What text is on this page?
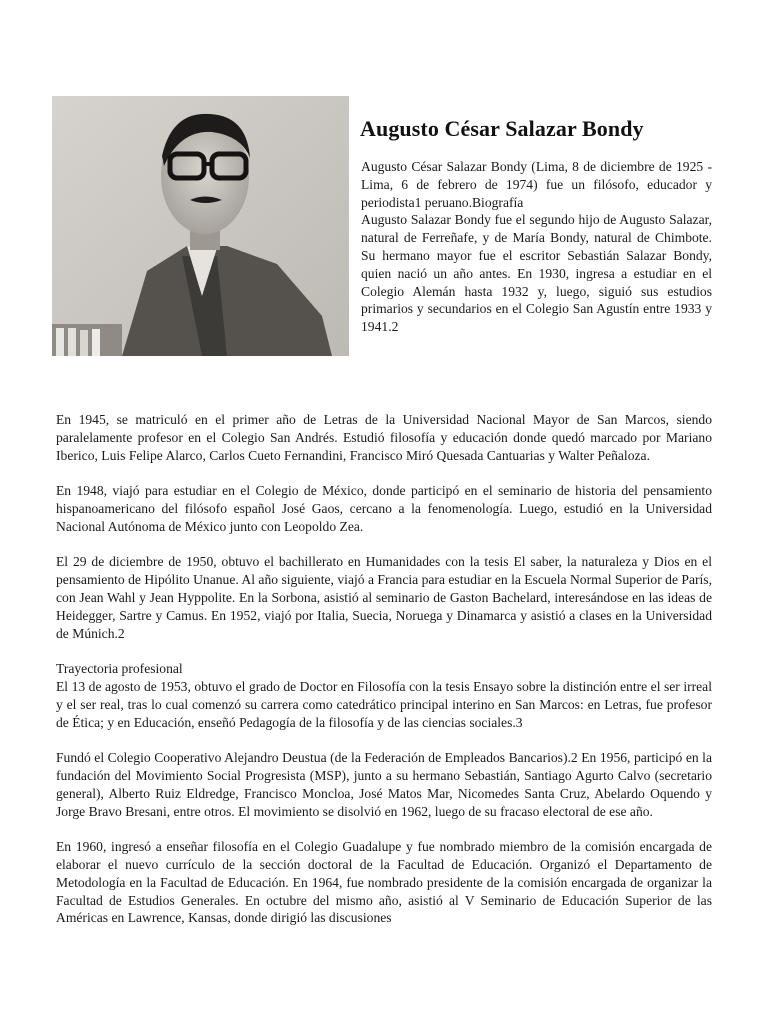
Augusto César Salazar Bondy

Augusto César Salazar Bondy (Lima, 8 de diciembre de 1925 - Lima, 6 de febrero de 1974) fue un filósofo, educador y periodista1 peruano.Biografía

Augusto Salazar Bondy fue el segundo hijo de Augusto Salazar, natural de Ferreñafe, y de María Bondy, natural de Chimbote. Su hermano mayor fue el escritor Sebastián Salazar Bondy, quien nació un año antes. En 1930, ingresa a estudiar en el Colegio Alemán hasta 1932 y, luego, siguió sus estudios primarios y secundarios en el Colegio San Agustín entre 1933 y 1941.2

En 1945, se matriculó en el primer año de Letras de la Universidad Nacional Mayor de San Marcos, siendo paralelamente profesor en el Colegio San Andrés. Estudió filosofía y educación donde quedó marcado por Mariano Iberico, Luis Felipe Alarco, Carlos Cueto Fernandini, Francisco Miró Quesada Cantuarias y Walter Peñaloza.

En 1948, viajó para estudiar en el Colegio de México, donde participó en el seminario de historia del pensamiento hispanoamericano del filósofo español José Gaos, cercano a la fenomenología. Luego, estudió en la Universidad Nacional Autónoma de México junto con Leopoldo Zea.

El 29 de diciembre de 1950, obtuvo el bachillerato en Humanidades con la tesis El saber, la naturaleza y Dios en el pensamiento de Hipólito Unanue. Al año siguiente, viajó a Francia para estudiar en la Escuela Normal Superior de París, con Jean Wahl y Jean Hyppolite. En la Sorbona, asistió al seminario de Gaston Bachelard, interesándose en las ideas de Heidegger, Sartre y Camus. En 1952, viajó por Italia, Suecia, Noruega y Dinamarca y asistió a clases en la Universidad de Múnich.2

Trayectoria profesional

El 13 de agosto de 1953, obtuvo el grado de Doctor en Filosofía con la tesis Ensayo sobre la distinción entre el ser irreal y el ser real, tras lo cual comenzó su carrera como catedrático principal interino en San Marcos: en Letras, fue profesor de Ética; y en Educación, enseñó Pedagogía de la filosofía y de las ciencias sociales.3

Fundó el Colegio Cooperativo Alejandro Deustua (de la Federación de Empleados Bancarios).2 En 1956, participó en la fundación del Movimiento Social Progresista (MSP), junto a su hermano Sebastián, Santiago Agurto Calvo (secretario general), Alberto Ruiz Eldredge, Francisco Moncloa, José Matos Mar, Nicomedes Santa Cruz, Abelardo Oquendo y Jorge Bravo Bresani, entre otros. El movimiento se disolvió en 1962, luego de su fracaso electoral de ese año.

En 1960, ingresó a enseñar filosofía en el Colegio Guadalupe y fue nombrado miembro de la comisión encargada de elaborar el nuevo currículo de la sección doctoral de la Facultad de Educación. Organizó el Departamento de Metodología en la Facultad de Educación. En 1964, fue nombrado presidente de la comisión encargada de organizar la Facultad de Estudios Generales. En octubre del mismo año, asistió al V Seminario de Educación Superior de las Américas en Lawrence, Kansas, donde dirigió las discusiones
